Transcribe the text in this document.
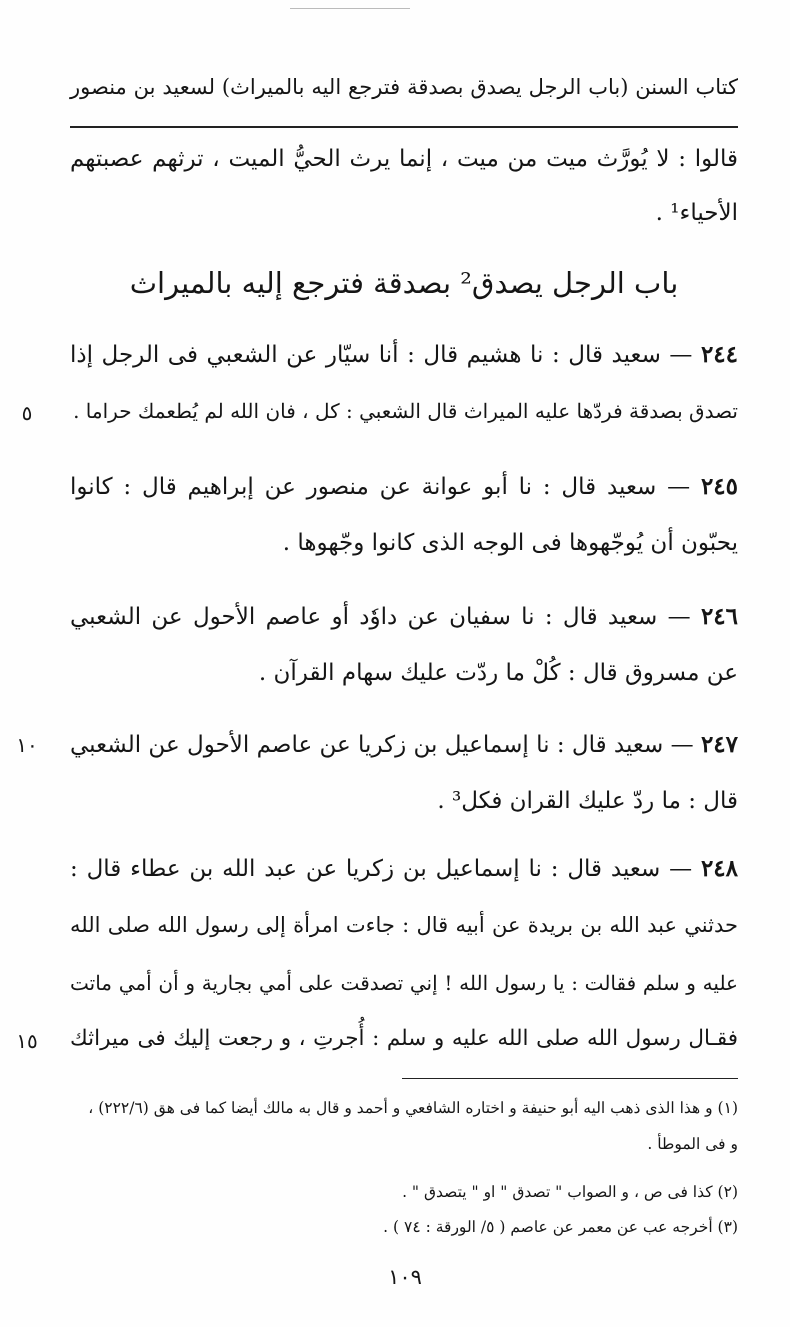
كتاب السنن (باب الرجل يصدق بصدقة فترجع اليه بالميراث) لسعيد بن منصور
قالوا : لا يُورَّث ميت من ميت ، إنما يرث الحيُّ الميت ، ترثهم عصبتهم
الأحياء¹ .
باب الرجل يصدق² بصدقة فترجع إليه بالميراث
٢٤٤ — سعيد قال : نا هشيم قال : أنا سيّار عن الشعبي فى الرجل إذا
تصدق بصدقة فردّها عليه الميراث قال الشعبي : كل ، فان الله لم يُطعمك حراما .
٢٤٥ — سعيد قال : نا أبو عوانة عن منصور عن إبراهيم قال : كانوا
يحبّون أن يُوجّهوها فى الوجه الذى كانوا وجّهوها .
٢٤٦ — سعيد قال : نا سفيان عن داوٗد أو عاصم الأحول عن الشعبي
عن مسروق قال : كُلْ ما ردّت عليك سهام القرآن .
٢٤٧ — سعيد قال : نا إسماعيل بن زكريا عن عاصم الأحول عن الشعبي
قال : ما ردّ عليك القران فكل³ .
٢٤٨ — سعيد قال : نا إسماعيل بن زكريا عن عبد الله بن عطاء قال :
حدثني عبد الله بن بريدة عن أبيه قال : جاءت امرأة إلى رسول الله صلى الله
عليه و سلم فقالت : يا رسول الله ! إني تصدقت على أمي بجارية و أن أمي ماتت
فقـال رسول الله صلى الله عليه و سلم : أُجرتِ ، و رجعت إليك فى ميراثك
٥
١٠
١٥
(١) و هذا الذى ذهب اليه أبو حنيفة و اختاره الشافعي و أحمد و قال به مالك أيضا كما فى هق (٢٢٢/٦) ،
و فى الموطأ .
(٢) كذا فى ص ، و الصواب " تصدق " او " يتصدق " .
(٣) أخرجه عب عن معمر عن عاصم ( ٥/ الورقة : ٧٤ ) .
١٠٩
